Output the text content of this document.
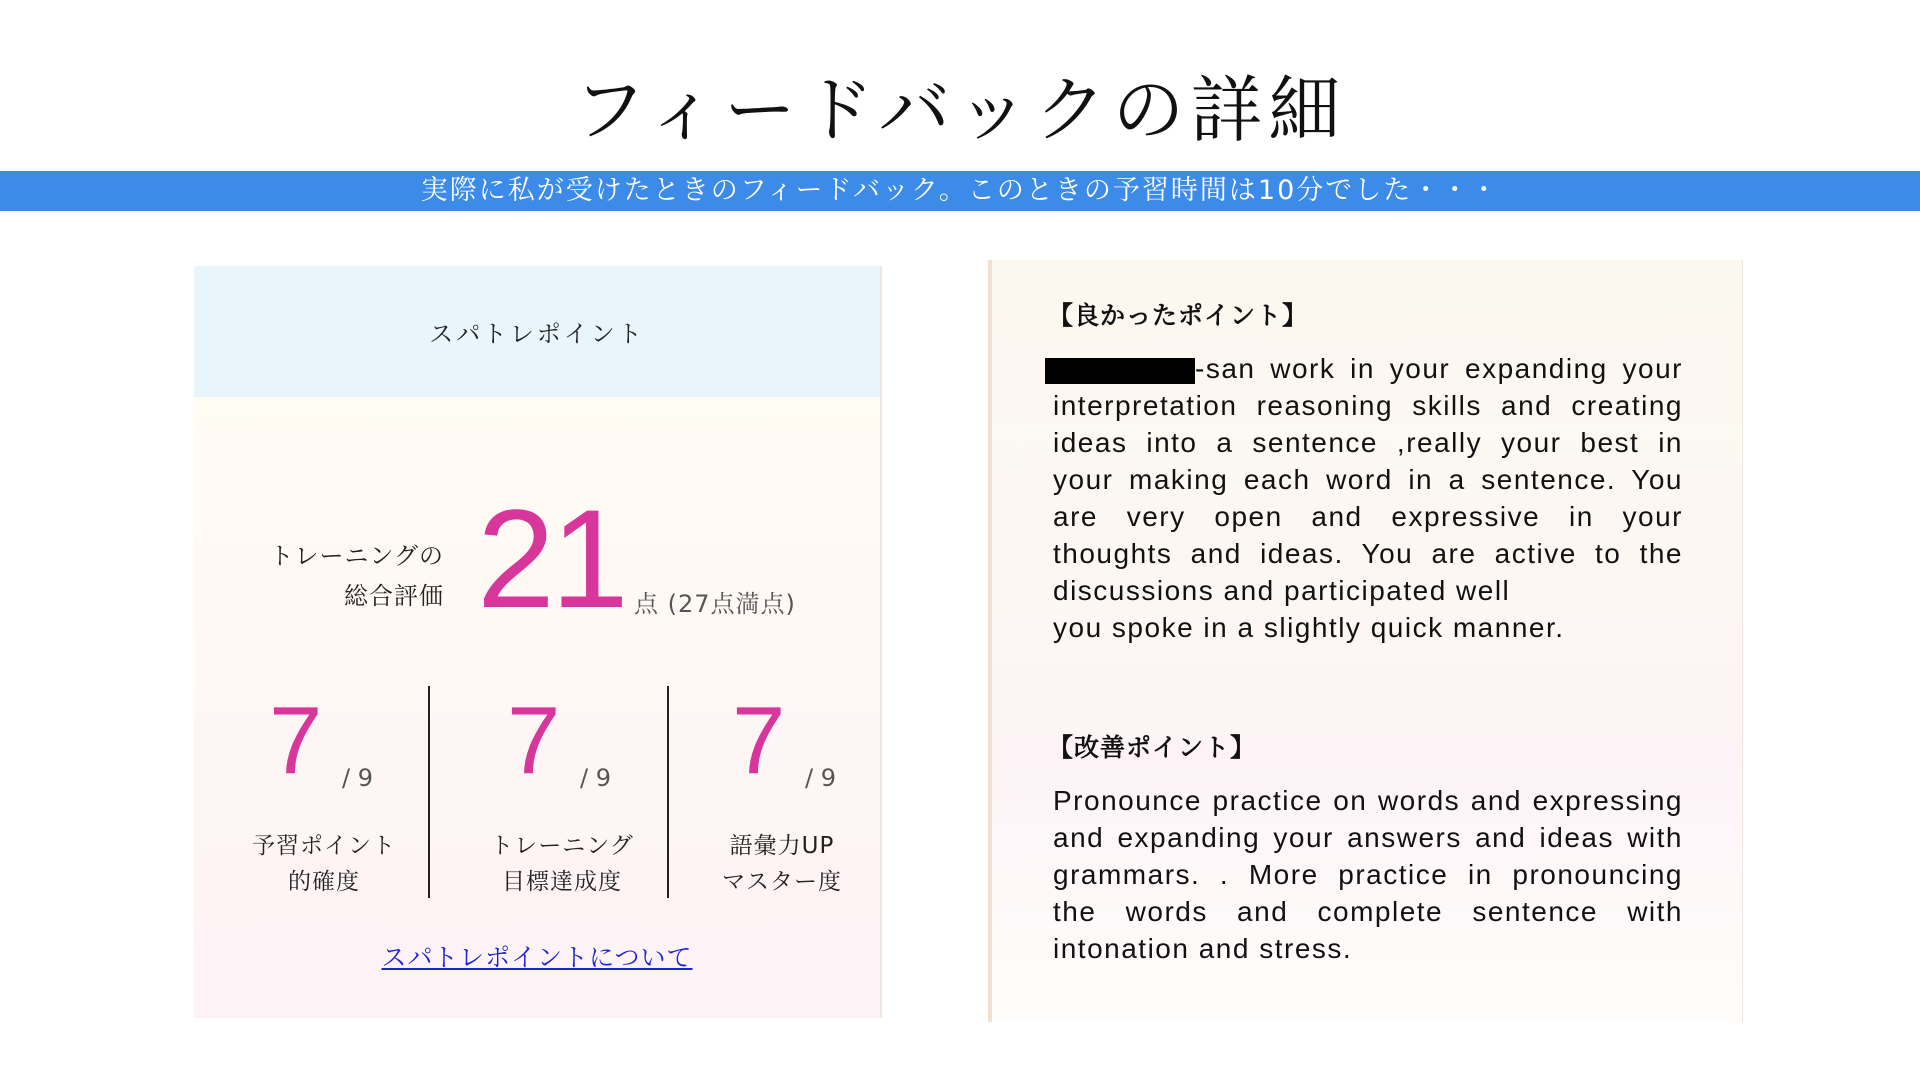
フィードバックの詳細
実際に私が受けたときのフィードバック。このときの予習時間は10分でした・・・
スパトレポイント
トレーニングの
総合評価 21 点 (27点満点)
7 / 9
予習ポイント
的確度
7 / 9
トレーニング
目標達成度
7 / 9
語彙力UP
マスター度
スパトレポイントについて
【良かったポイント】
-san work in your expanding your interpretation reasoning skills and creating ideas into a sentence ,really your best in your making each word in a sentence. You are very open and expressive in your thoughts and ideas. You are active to the discussions and participated well
you spoke in a slightly quick manner.
【改善ポイント】
Pronounce practice on words and expressing and expanding your answers and ideas with grammars. . More practice in pronouncing the words and complete sentence with intonation and stress.
